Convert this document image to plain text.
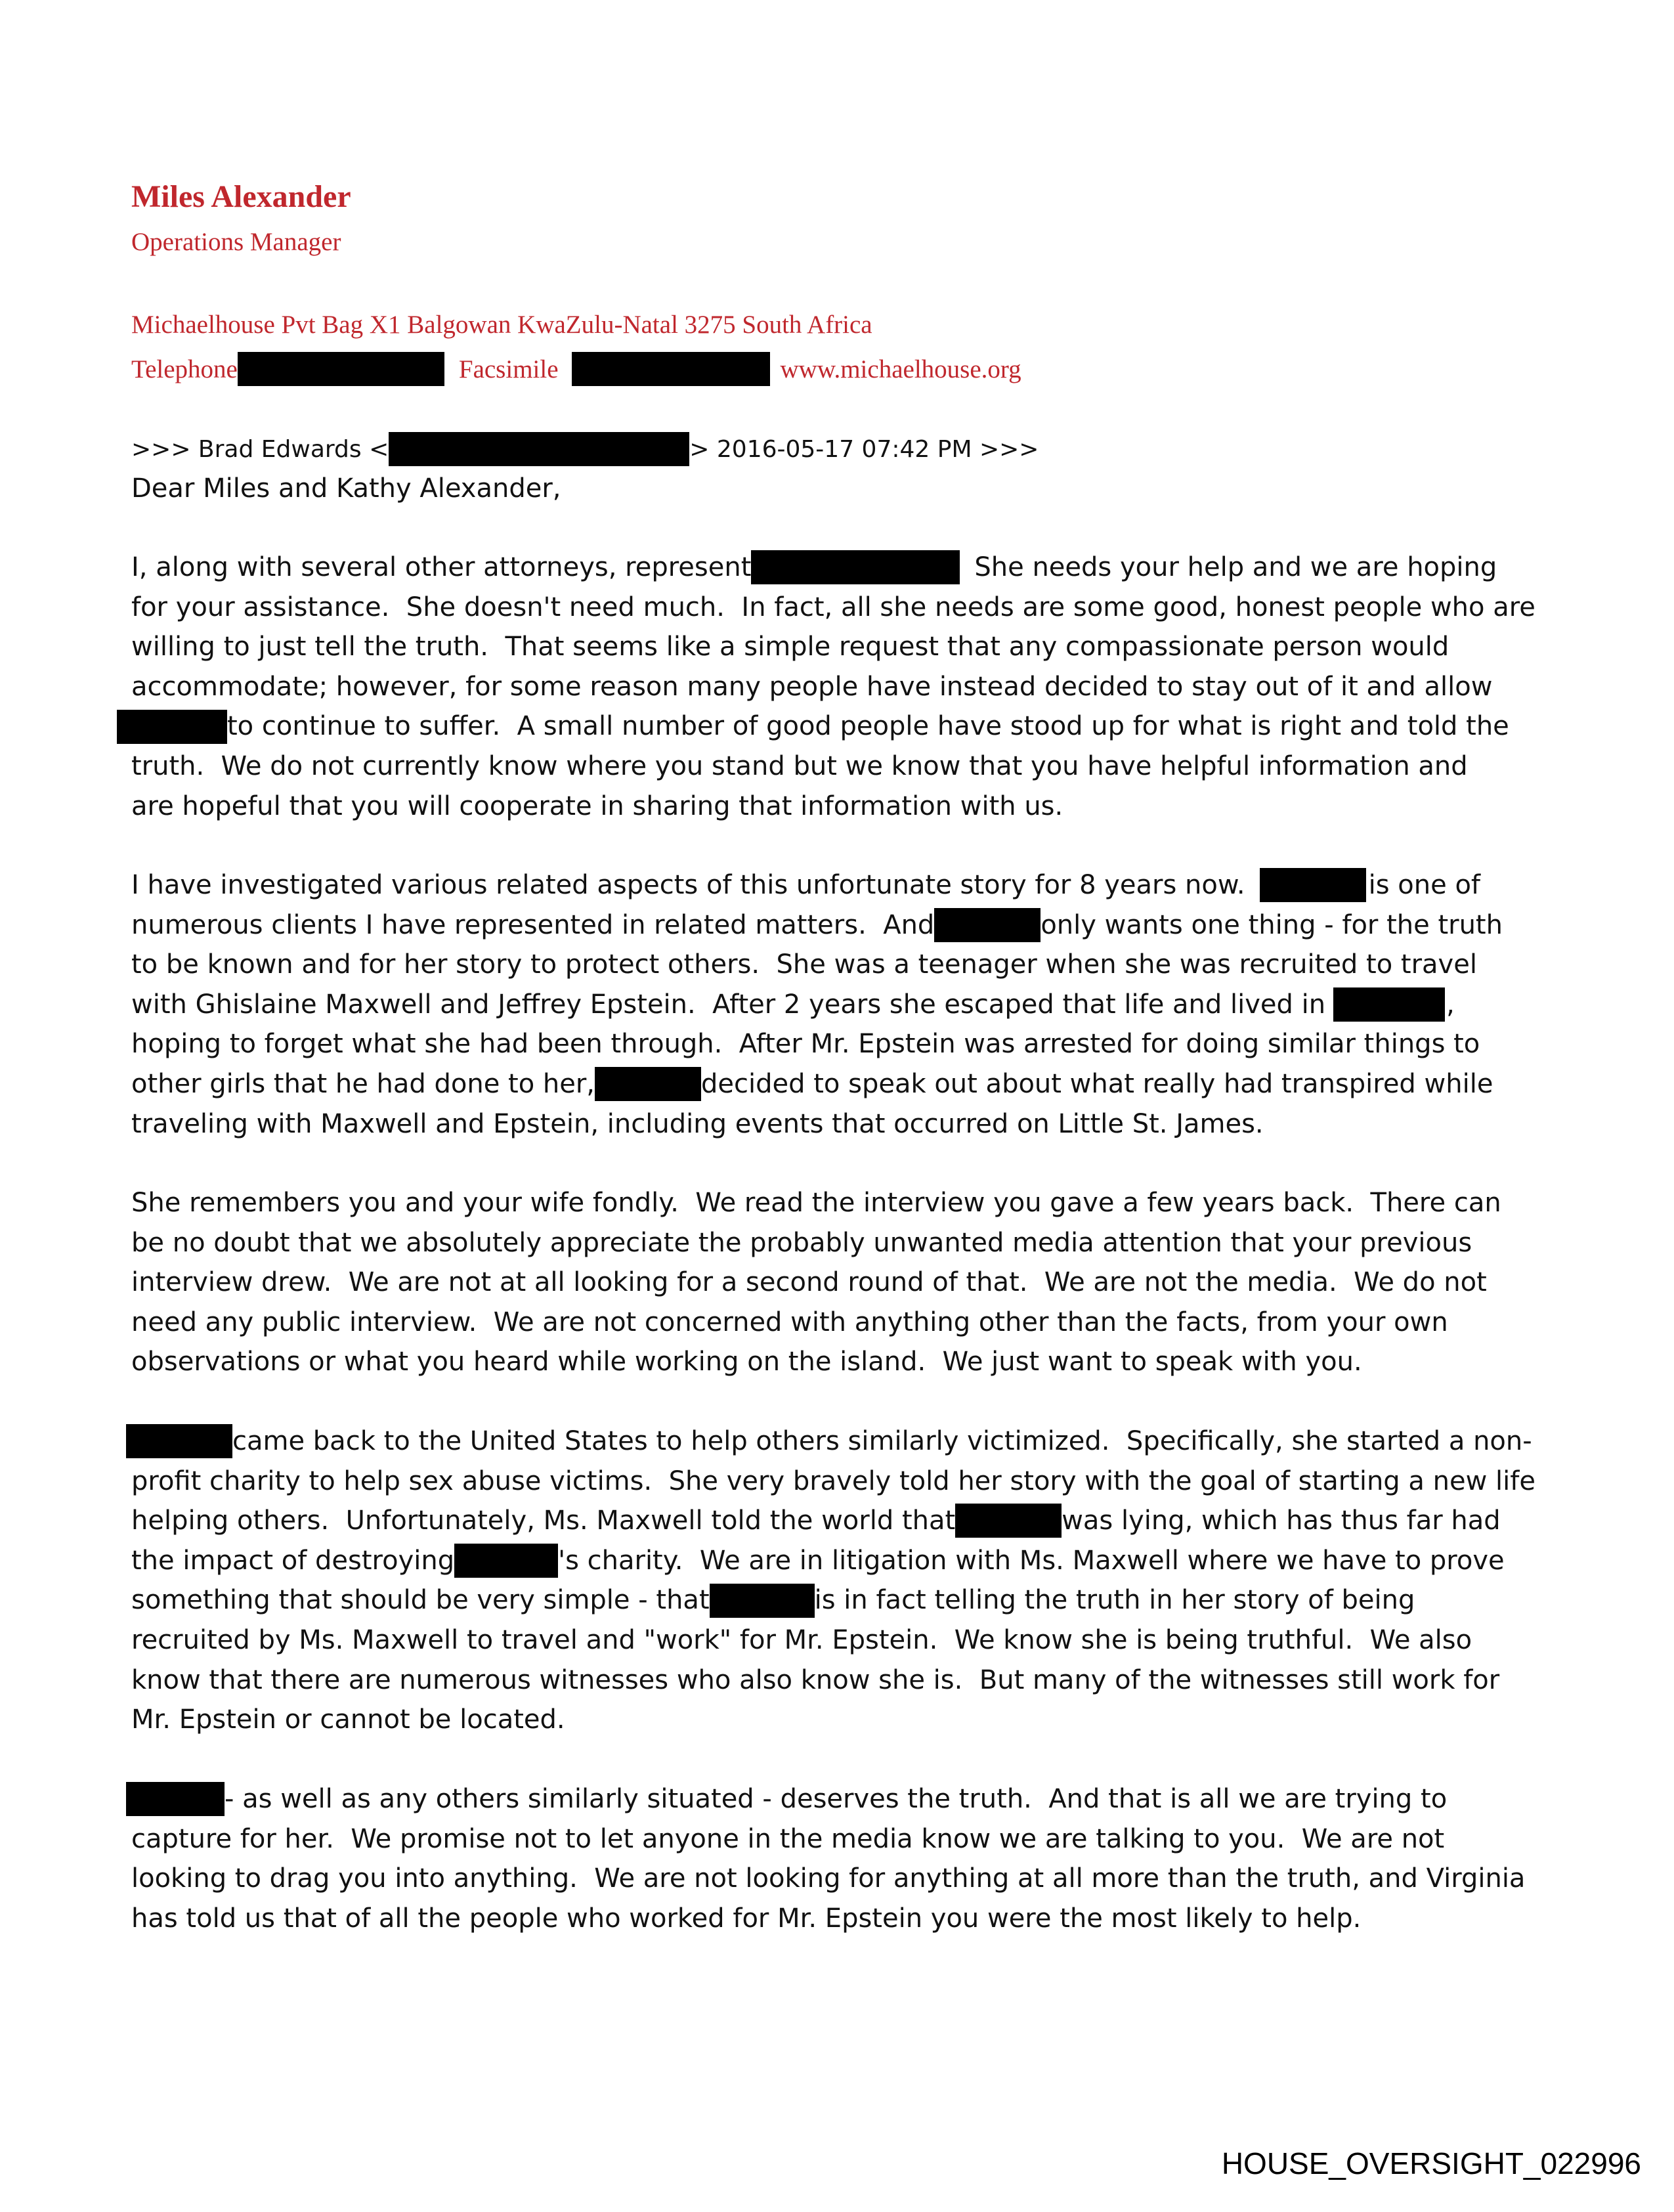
Miles Alexander
Operations Manager
Michaelhouse Pvt Bag X1 Balgowan KwaZulu-Natal 3275 South Africa
Telephone	Facsimile	www.michaelhouse.org
>>> Brad Edwards <	> 2016-05-17 07:42 PM >>>
Dear Miles and Kathy Alexander,
I, along with several other attorneys, represent	She needs your help and we are hoping
for your assistance.  She doesn't need much.  In fact, all she needs are some good, honest people who are
willing to just tell the truth.  That seems like a simple request that any compassionate person would
accommodate; however, for some reason many people have instead decided to stay out of it and allow
to continue to suffer.  A small number of good people have stood up for what is right and told the
truth.  We do not currently know where you stand but we know that you have helpful information and
are hopeful that you will cooperate in sharing that information with us.
I have investigated various related aspects of this unfortunate story for 8 years now.	is one of
numerous clients I have represented in related matters.  And	only wants one thing - for the truth
to be known and for her story to protect others.  She was a teenager when she was recruited to travel
with Ghislaine Maxwell and Jeffrey Epstein.  After 2 years she escaped that life and lived in	,
hoping to forget what she had been through.  After Mr. Epstein was arrested for doing similar things to
other girls that he had done to her,	decided to speak out about what really had transpired while
traveling with Maxwell and Epstein, including events that occurred on Little St. James.
She remembers you and your wife fondly.  We read the interview you gave a few years back.  There can
be no doubt that we absolutely appreciate the probably unwanted media attention that your previous
interview drew.  We are not at all looking for a second round of that.  We are not the media.  We do not
need any public interview.  We are not concerned with anything other than the facts, from your own
observations or what you heard while working on the island.  We just want to speak with you.
came back to the United States to help others similarly victimized.  Specifically, she started a non-
profit charity to help sex abuse victims.  She very bravely told her story with the goal of starting a new life
helping others.  Unfortunately, Ms. Maxwell told the world that	was lying, which has thus far had
the impact of destroying	's charity.  We are in litigation with Ms. Maxwell where we have to prove
something that should be very simple - that	is in fact telling the truth in her story of being
recruited by Ms. Maxwell to travel and "work" for Mr. Epstein.  We know she is being truthful.  We also
know that there are numerous witnesses who also know she is.  But many of the witnesses still work for
Mr. Epstein or cannot be located.
- as well as any others similarly situated - deserves the truth.  And that is all we are trying to
capture for her.  We promise not to let anyone in the media know we are talking to you.  We are not
looking to drag you into anything.  We are not looking for anything at all more than the truth, and Virginia
has told us that of all the people who worked for Mr. Epstein you were the most likely to help.
HOUSE_OVERSIGHT_022996
